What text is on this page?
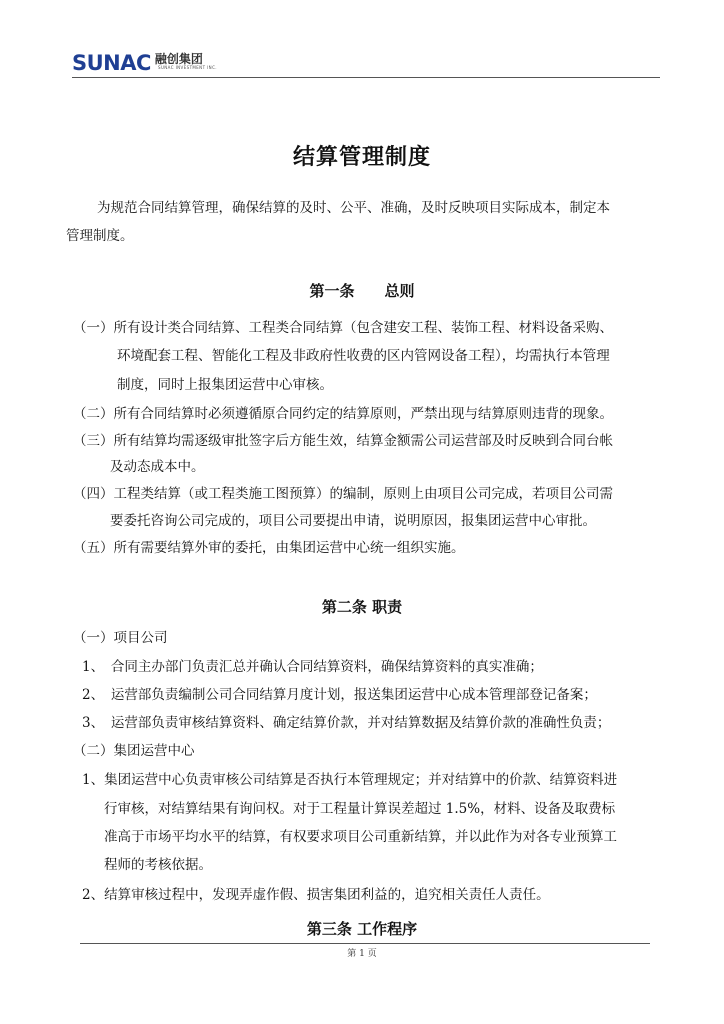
SUNAC 融创集团
SUNAC INVESTMENT INC.
结算管理制度
为规范合同结算管理，确保结算的及时、公平、准确，及时反映项目实际成本，制定本
管理制度。
第一条　　总则
（一）所有设计类合同结算、工程类合同结算（包含建安工程、装饰工程、材料设备采购、
环境配套工程、智能化工程及非政府性收费的区内管网设备工程），均需执行本管理
制度，同时上报集团运营中心审核。
（二）所有合同结算时必须遵循原合同约定的结算原则，严禁出现与结算原则违背的现象。
（三）所有结算均需逐级审批签字后方能生效，结算金额需公司运营部及时反映到合同台帐
及动态成本中。
（四）工程类结算（或工程类施工图预算）的编制，原则上由项目公司完成，若项目公司需
要委托咨询公司完成的，项目公司要提出申请，说明原因，报集团运营中心审批。
（五）所有需要结算外审的委托，由集团运营中心统一组织实施。
第二条 职责
（一）项目公司
1、　合同主办部门负责汇总并确认合同结算资料，确保结算资料的真实准确；
2、　运营部负责编制公司合同结算月度计划，报送集团运营中心成本管理部登记备案；
3、　运营部负责审核结算资料、确定结算价款，并对结算数据及结算价款的准确性负责；
（二）集团运营中心
1、集团运营中心负责审核公司结算是否执行本管理规定；并对结算中的价款、结算资料进
行审核，对结算结果有询问权。对于工程量计算误差超过 1.5%，材料、设备及取费标
准高于市场平均水平的结算，有权要求项目公司重新结算，并以此作为对各专业预算工
程师的考核依据。
2、结算审核过程中，发现弄虚作假、损害集团利益的，追究相关责任人责任。
第三条 工作程序
第 1 页
